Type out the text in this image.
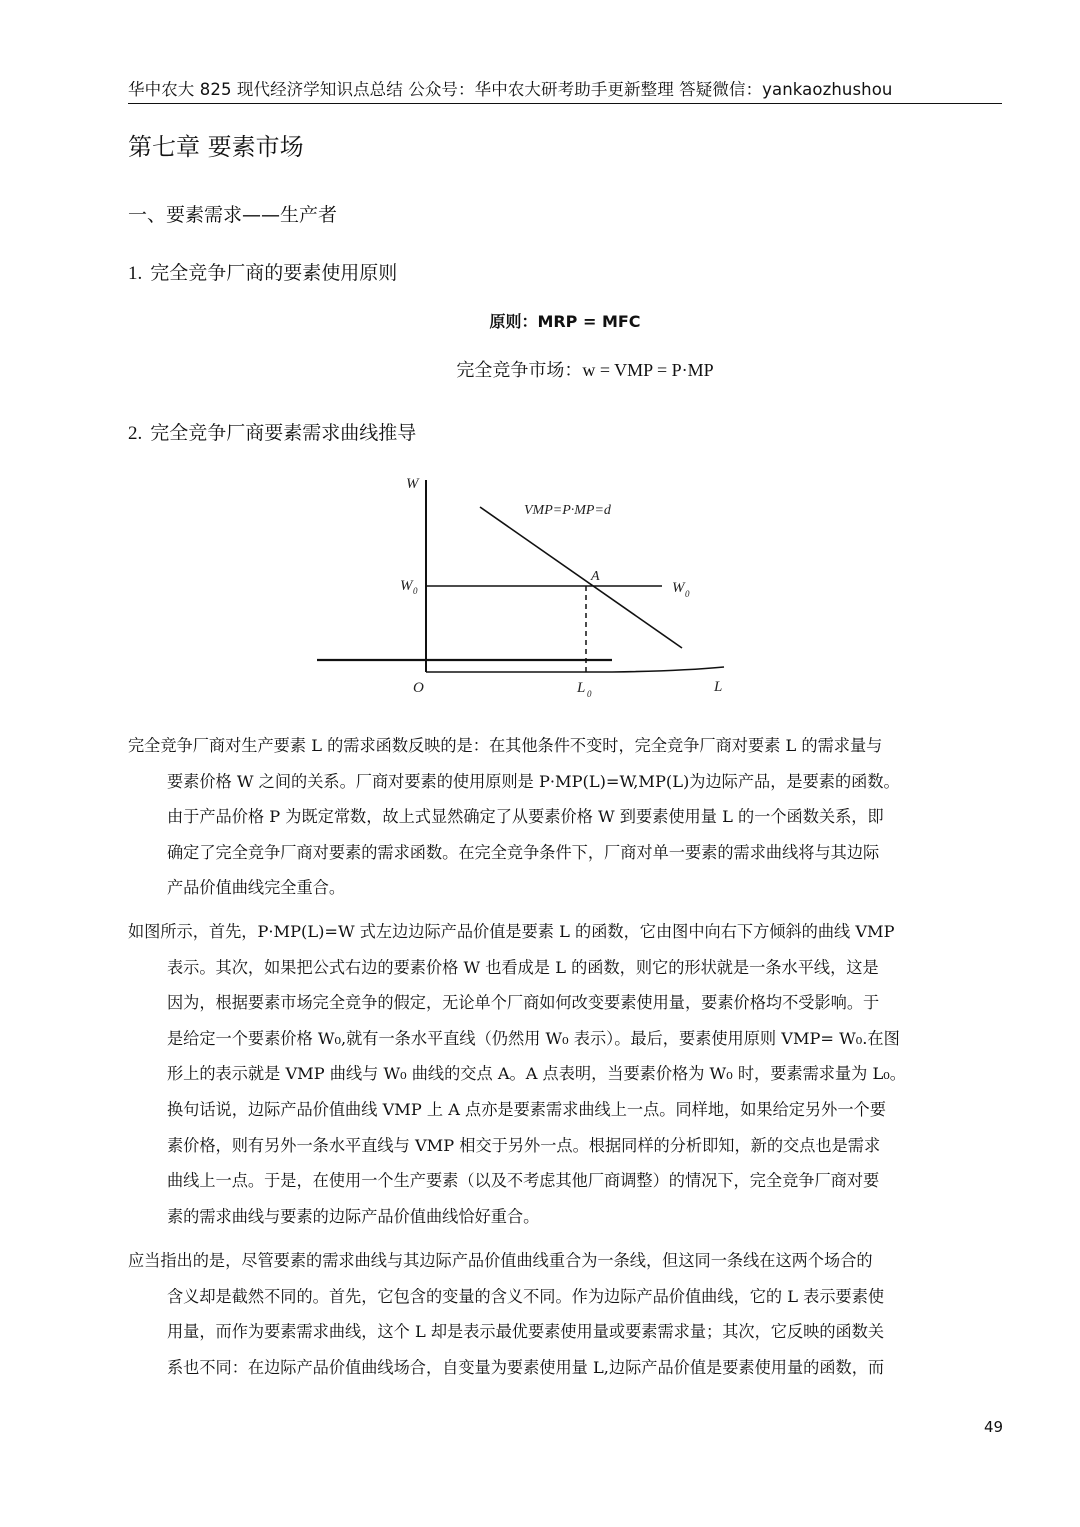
华中农大 825 现代经济学知识点总结 公众号：华中农大研考助手更新整理 答疑微信：yankaozhushou
第七章 要素市场
一、要素需求——生产者
1. 完全竞争厂商的要素使用原则
原则：MRP = MFC
完全竞争市场：w = VMP = P·MP
2. 完全竞争厂商要素需求曲线推导
W
VMP=P·MP=d
W 0
A
W 0
O	L 0	L
完全竞争厂商对生产要素 L 的需求函数反映的是：在其他条件不变时，完全竞争厂商对要素 L 的需求量与
要素价格 W 之间的关系。厂商对要素的使用原则是 P·MP(L)=W,MP(L)为边际产品，是要素的函数。
由于产品价格 P 为既定常数，故上式显然确定了从要素价格 W 到要素使用量 L 的一个函数关系，即
确定了完全竞争厂商对要素的需求函数。在完全竞争条件下，厂商对单一要素的需求曲线将与其边际
产品价值曲线完全重合。
如图所示，首先，P·MP(L)=W 式左边边际产品价值是要素 L 的函数，它由图中向右下方倾斜的曲线 VMP
表示。其次，如果把公式右边的要素价格 W 也看成是 L 的函数，则它的形状就是一条水平线，这是
因为，根据要素市场完全竞争的假定，无论单个厂商如何改变要素使用量，要素价格均不受影响。于
是给定一个要素价格 W₀,就有一条水平直线（仍然用 W₀ 表示）。最后，要素使用原则 VMP= W₀.在图
形上的表示就是 VMP 曲线与 W₀ 曲线的交点 A。A 点表明，当要素价格为 W₀ 时，要素需求量为 L₀。
换句话说，边际产品价值曲线 VMP 上 A 点亦是要素需求曲线上一点。同样地，如果给定另外一个要
素价格，则有另外一条水平直线与 VMP 相交于另外一点。根据同样的分析即知，新的交点也是需求
曲线上一点。于是，在使用一个生产要素（以及不考虑其他厂商调整）的情况下，完全竞争厂商对要
素的需求曲线与要素的边际产品价值曲线恰好重合。
应当指出的是，尽管要素的需求曲线与其边际产品价值曲线重合为一条线，但这同一条线在这两个场合的
含义却是截然不同的。首先，它包含的变量的含义不同。作为边际产品价值曲线，它的 L 表示要素使
用量，而作为要素需求曲线，这个 L 却是表示最优要素使用量或要素需求量；其次，它反映的函数关
系也不同：在边际产品价值曲线场合，自变量为要素使用量 L,边际产品价值是要素使用量的函数，而
49
